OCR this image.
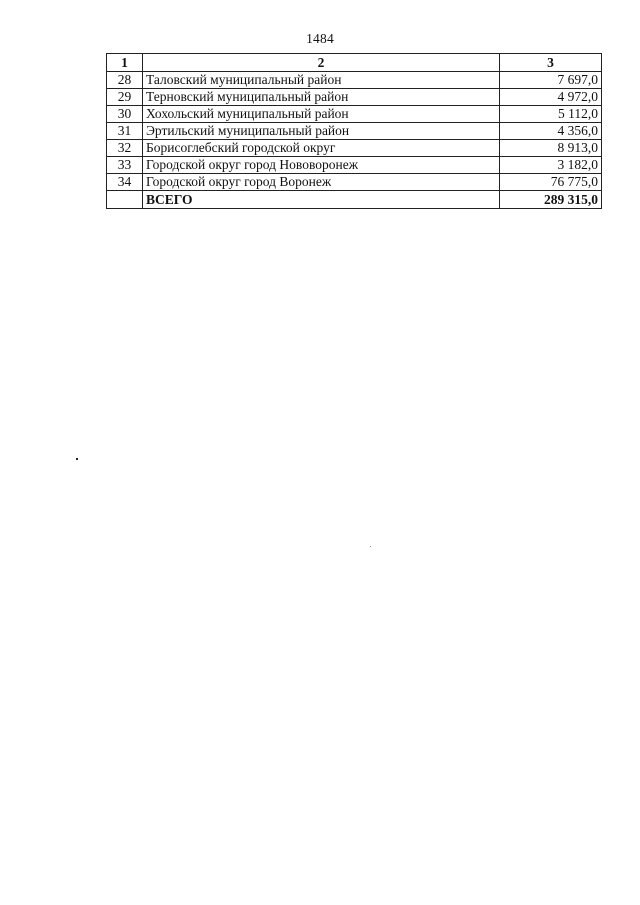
1484
1	2	3
28	Таловский муниципальный район	7 697,0
29	Терновский муниципальный район	4 972,0
30	Хохольский муниципальный район	5 112,0
31	Эртильский муниципальный район	4 356,0
32	Борисоглебский городской округ	8 913,0
33	Городской округ город Нововоронеж	3 182,0
34	Городской округ город Воронеж	76 775,0
	ВСЕГО	289 315,0
